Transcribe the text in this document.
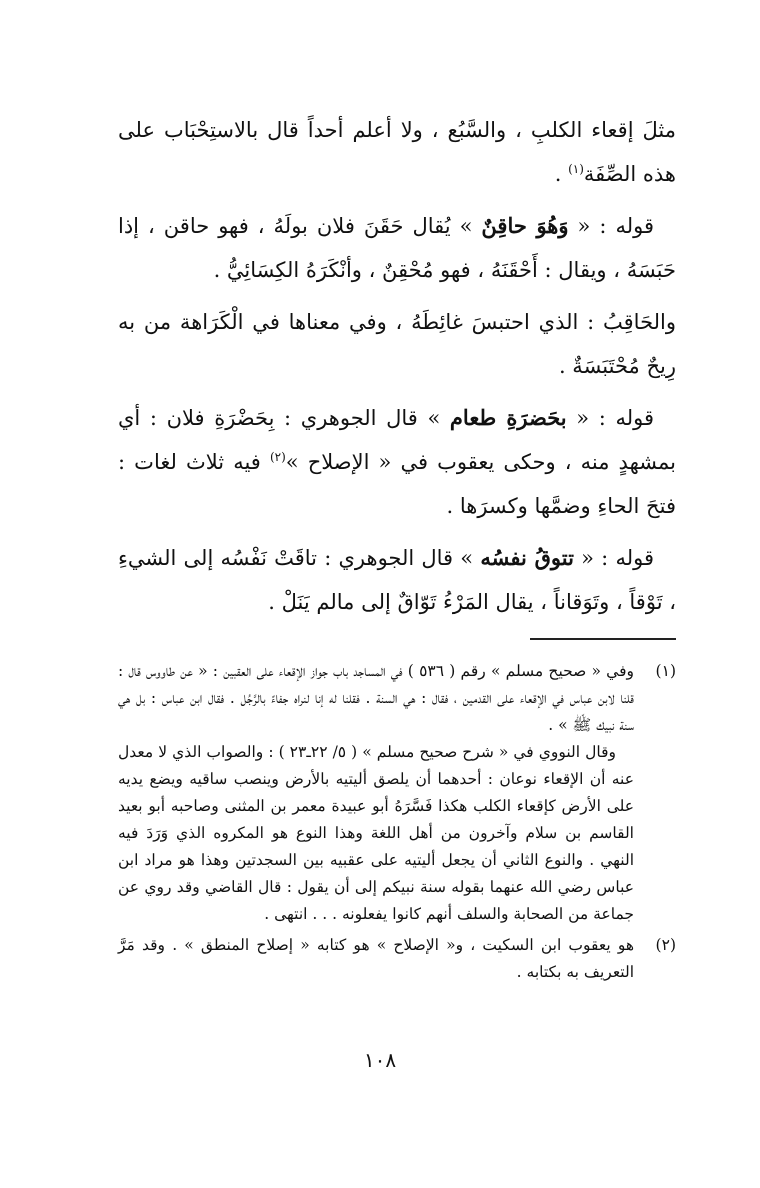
مثلَ إقعاء الكلبِ ، والسَّبُع ، ولا أعلم أحداً قال بالاستِحْبَاب على هذه الصِّفَة$^{(١)}$ .

قوله : « وَهُوَ حاقِنٌ » يُقال حَقَنَ فلان بولَهُ ، فهو حاقن ، إذا حَبَسَهُ ، ويقال : أَحْقَنَهُ ، فهو مُحْقِنٌ ، وأنْكَرَهُ الكِسَائِيُّ .

والحَاقِبُ : الذي احتبسَ غائِطَهُ ، وفي معناها في الْكَرَاهة من به رِيحٌ مُحْتَبَسَةٌ .

قوله : « بحَضرَةِ طعام » قال الجوهري : بِحَضْرَةِ فلان : أي بمشهدٍ منه ، وحكى يعقوب في « الإصلاح »$^{(٢)}$ فيه ثلاث لغات : فتحَ الحاءِ وضمَّها وكسرَها .

قوله : « تتوقُ نفسُه » قال الجوهري : تاقَتْ نَفْسُه إلى الشيءِ ، تَوْقاً ، وتَوَقاناً ، يقال المَرْءُ تَوّاقٌ إلى مالم يَنَلْ .

(١)

وفي « صحيح مسلم » رقم ( ٥٣٦ ) في المساجد باب جواز الإقعاء على العقبين : « عن طاووس قال : قلنا لابن عباس في الإقعاء على القدمين ، فقال : هي السنة . فقلنا له إنا لنراه جفاءً بالرَّجُل . فقال ابن عباس : بل هي سنة نبيك ﷺ » .

وقال النووي في « شرح صحيح مسلم » ( ٥/ ٢٢ـ٢٣ ) : والصواب الذي لا معدل عنه أن الإقعاء نوعان : أحدهما أن يلصق أليتيه بالأرض وينصب ساقيه ويضع يديه على الأرض كإقعاء الكلب هكذا فَسَّرَهُ أبو عبيدة معمر بن المثنى وصاحبه أبو بعيد القاسم بن سلام وآخرون من أهل اللغة وهذا النوع هو المكروه الذي وَرَدَ فيه النهي . والنوع الثاني أن يجعل أليتيه على عقبيه بين السجدتين وهذا هو مراد ابن عباس رضي الله عنهما بقوله سنة نبيكم إلى أن يقول : قال القاضي وقد روي عن جماعة من الصحابة والسلف أنهم كانوا يفعلونه . . . انتهى .

(٢)

هو يعقوب ابن السكيت ، و« الإصلاح » هو كتابه « إصلاح المنطق » . وقد مَرَّ التعريف به بكتابه .

١٠٨
